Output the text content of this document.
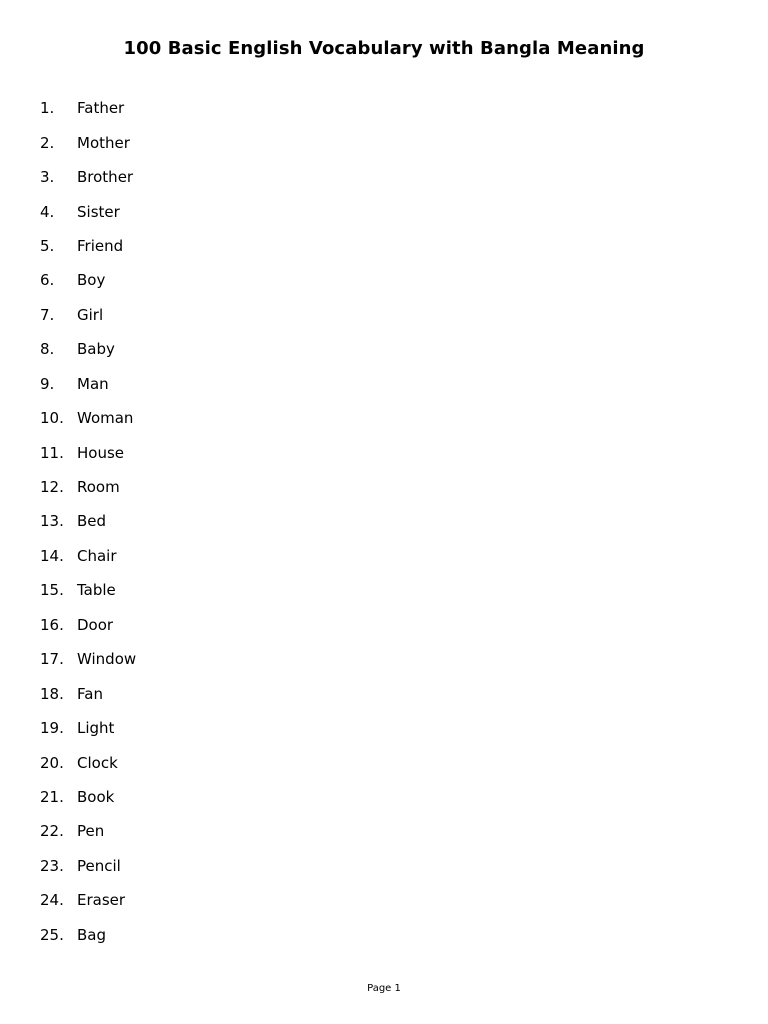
100 Basic English Vocabulary with Bangla Meaning
1.	Father
2.	Mother
3.	Brother
4.	Sister
5.	Friend
6.	Boy
7.	Girl
8.	Baby
9.	Man
10. Woman
11. House
12. Room
13. Bed
14. Chair
15. Table
16. Door
17. Window
18. Fan
19. Light
20. Clock
21. Book
22. Pen
23. Pencil
24. Eraser
25. Bag
Page 1
